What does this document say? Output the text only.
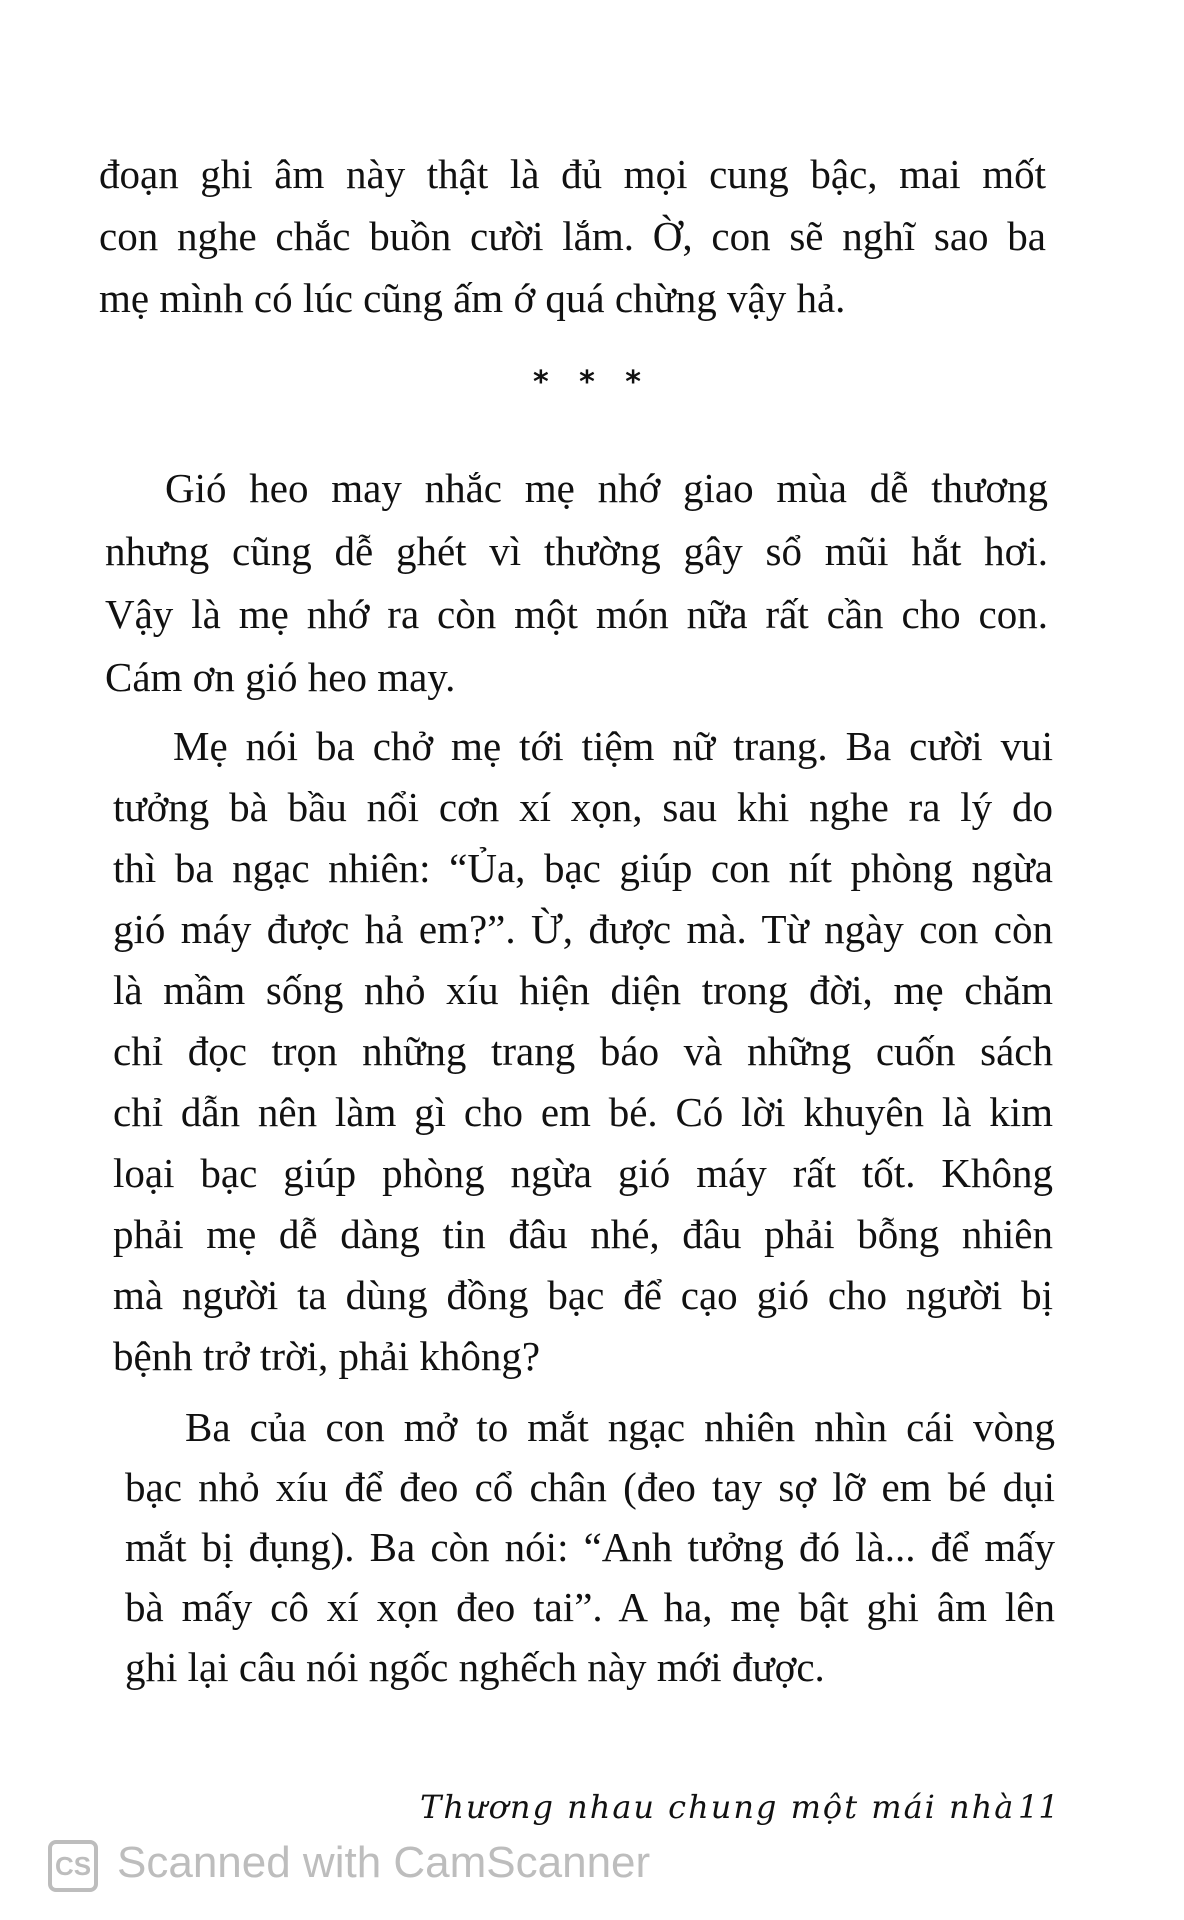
đoạn ghi âm này thật là đủ mọi cung bậc, mai mốt
con nghe chắc buồn cười lắm. Ờ, con sẽ nghĩ sao ba
mẹ mình có lúc cũng ấm ớ quá chừng vậy hả.
* * *
Gió heo may nhắc mẹ nhớ giao mùa dễ thương
nhưng cũng dễ ghét vì thường gây sổ mũi hắt hơi.
Vậy là mẹ nhớ ra còn một món nữa rất cần cho con.
Cám ơn gió heo may.
Mẹ nói ba chở mẹ tới tiệm nữ trang. Ba cười vui
tưởng bà bầu nổi cơn xí xọn, sau khi nghe ra lý do
thì ba ngạc nhiên: “Ủa, bạc giúp con nít phòng ngừa
gió máy được hả em?”. Ừ, được mà. Từ ngày con còn
là mầm sống nhỏ xíu hiện diện trong đời, mẹ chăm
chỉ đọc trọn những trang báo và những cuốn sách
chỉ dẫn nên làm gì cho em bé. Có lời khuyên là kim
loại bạc giúp phòng ngừa gió máy rất tốt. Không
phải mẹ dễ dàng tin đâu nhé, đâu phải bỗng nhiên
mà người ta dùng đồng bạc để cạo gió cho người bị
bệnh trở trời, phải không?
Ba của con mở to mắt ngạc nhiên nhìn cái vòng
bạc nhỏ xíu để đeo cổ chân (đeo tay sợ lỡ em bé dụi
mắt bị đụng). Ba còn nói: “Anh tưởng đó là... để mấy
bà mấy cô xí xọn đeo tai”. A ha, mẹ bật ghi âm lên
ghi lại câu nói ngốc nghếch này mới được.
Thương nhau chung một mái nhà 11
CS Scanned with CamScanner
